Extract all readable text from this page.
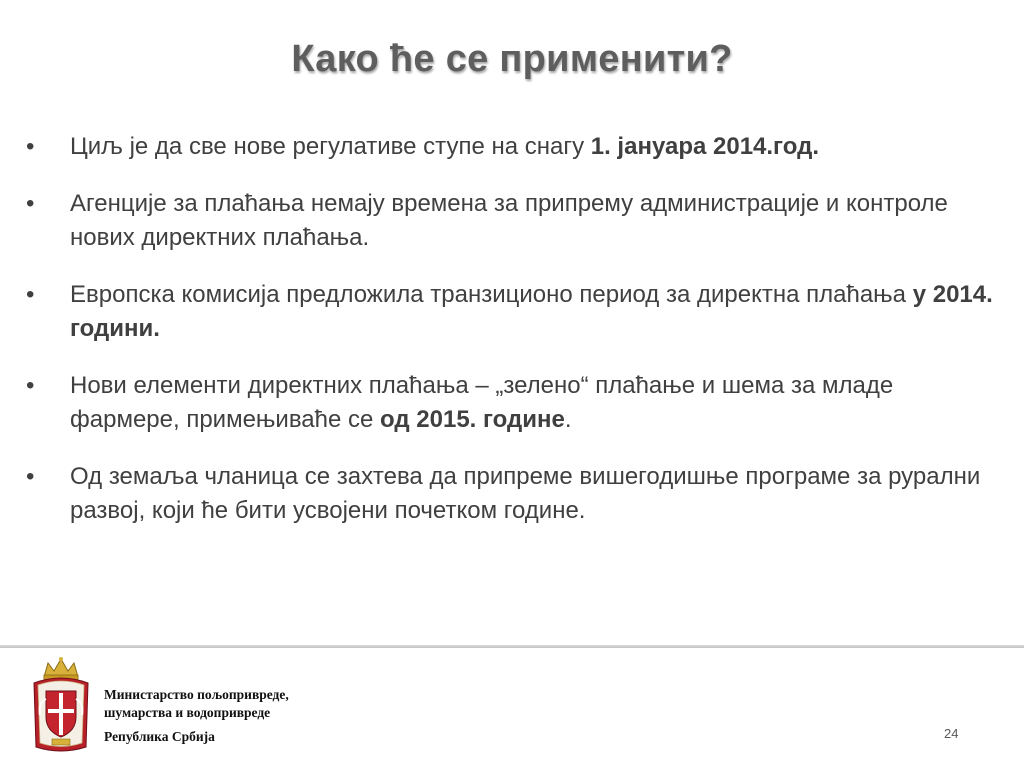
Како ће се применити?
• Циљ је да све нове регулативе ступе на снагу 1. јануара 2014.год.
• Агенције за плаћања немају времена за припрему администрације и контроле нових директних плаћања.
• Европска комисија предложила транзиционо период за директна плаћања у 2014. години.
• Нови елементи директних плаћања – „зелено“ плаћање и шема за младе фармере, примењиваће се од 2015. године.
• Од земаља чланица се захтева да припреме вишегодишње програме за рурални развој, који ће бити усвојени почетком године.
Министарство пољопривреде,
шумарства и водопривреде
Република Србија	24
